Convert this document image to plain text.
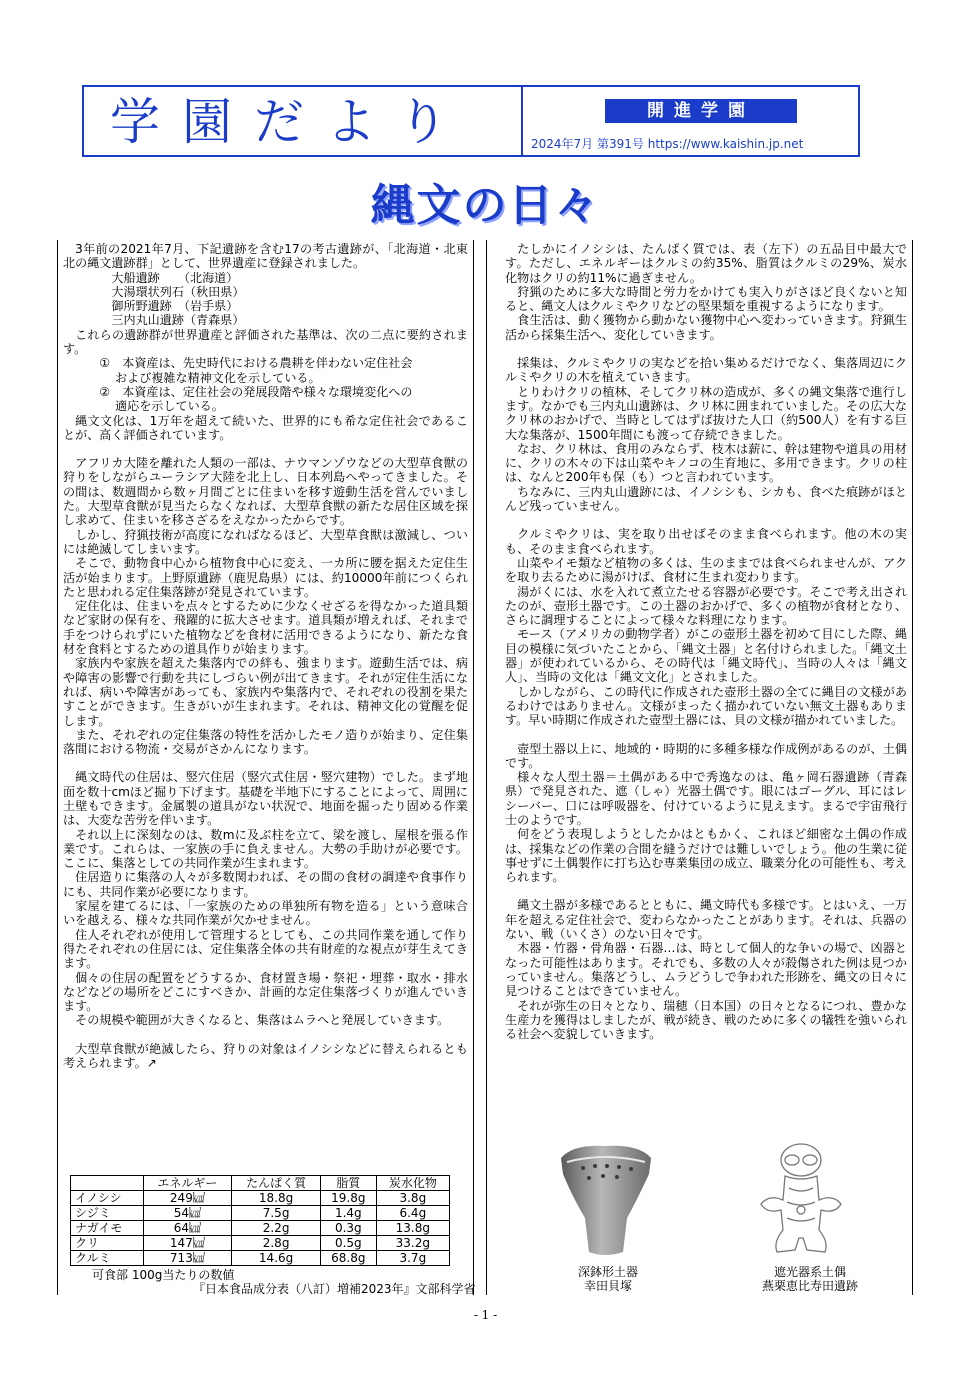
学園だより	開進学園
2024年7月 第391号 https://www.kaishin.jp.net
縄文の日々

3年前の2021年7月、下記遺跡を含む17の考古遺跡が、「北海道・北東北の縄文遺跡群」として、世界遺産に登録されました。

大船遺跡　　（北海道）
大湯環状列石（秋田県）
御所野遺跡　（岩手県）
三内丸山遺跡（青森県）

これらの遺跡群が世界遺産と評価された基準は、次の二点に要約されます。

①　本資産は、先史時代における農耕を伴わない定住社会
および複雑な精神文化を示している。
②　本資産は、定住社会の発展段階や様々な環境変化への
適応を示している。

縄文文化は、1万年を超えて続いた、世界的にも希な定住社会であることが、高く評価されています。

アフリカ大陸を離れた人類の一部は、ナウマンゾウなどの大型草食獣の狩りをしながらユーラシア大陸を北上し、日本列島へやってきました。その間は、数週間から数ヶ月間ごとに住まいを移す遊動生活を営んでいました。大型草食獣が見当たらなくなれば、大型草食獣の新たな居住区域を探し求めて、住まいを移さざるをえなかったからです。

しかし、狩猟技術が高度になればなるほど、大型草食獣は激減し、ついには絶滅してしまいます。

そこで、動物食中心から植物食中心に変え、一カ所に腰を据えた定住生活が始まります。上野原遺跡（鹿児島県）には、約10000年前につくられたと思われる定住集落跡が発見されています。

定住化は、住まいを点々とするために少なくせざるを得なかった道具類など家財の保有を、飛躍的に拡大させます。道具類が増えれば、それまで手をつけられずにいた植物などを食材に活用できるようになり、新たな食材を食料とするための道具作りが始まります。

家族内や家族を超えた集落内での絆も、強まります。遊動生活では、病や障害の影響で行動を共にしづらい例が出てきます。それが定住生活になれば、病いや障害があっても、家族内や集落内で、それぞれの役割を果たすことができます。生きがいが生まれます。それは、精神文化の覚醒を促します。

また、それぞれの定住集落の特性を活かしたモノ造りが始まり、定住集落間における物流・交易がさかんになります。

縄文時代の住居は、竪穴住居（竪穴式住居・竪穴建物）でした。まず地面を数十cmほど掘り下げます。基礎を半地下にすることによって、周囲に土壁もできます。金属製の道具がない状況で、地面を掘ったり固める作業は、大変な苦労を伴います。

それ以上に深刻なのは、数mに及ぶ柱を立て、梁を渡し、屋根を張る作業です。これらは、一家族の手に負えません。大勢の手助けが必要です。ここに、集落としての共同作業が生まれます。

住居造りに集落の人々が多数関われば、その間の食材の調達や食事作りにも、共同作業が必要になります。

家屋を建てるには、「一家族のための単独所有物を造る」という意味合いを越える、様々な共同作業が欠かせません。

住人それぞれが使用して管理するとしても、この共同作業を通して作り得たそれぞれの住居には、定住集落全体の共有財産的な視点が芽生えてきます。

個々の住居の配置をどうするか、食材置き場・祭祀・埋葬・取水・排水などなどの場所をどこにすべきか、計画的な定住集落づくりが進んでいきます。

その規模や範囲が大きくなると、集落はムラへと発展していきます。

大型草食獣が絶滅したら、狩りの対象はイノシシなどに替えられるとも考えられます。↗

	エネルギー	たんぱく質	脂質	炭水化物
イノシシ	249㎉	18.8g	19.8g	3.8g
シジミ	54㎉	7.5g	1.4g	6.4g
ナガイモ	64㎉	2.2g	0.3g	13.8g
クリ	147㎉	2.8g	0.5g	33.2g
クルミ	713㎉	14.6g	68.8g	3.7g
可食部 100g当たりの数値
『日本食品成分表（八訂）増補2023年』文部科学省

たしかにイノシシは、たんぱく質では、表（左下）の五品目中最大です。ただし、エネルギーはクルミの約35%、脂質はクルミの29%、炭水化物はクリの約11%に過ぎません。

狩猟のために多大な時間と労力をかけても実入りがさほど良くないと知ると、縄文人はクルミやクリなどの堅果類を重視するようになります。

食生活は、動く獲物から動かない獲物中心へ変わっていきます。狩猟生活から採集生活へ、変化していきます。

採集は、クルミやクリの実などを拾い集めるだけでなく、集落周辺にクルミやクリの木を植えていきます。

とりわけクリの植林、そしてクリ林の造成が、多くの縄文集落で進行します。なかでも三内丸山遺跡は、クリ林に囲まれていました。その広大なクリ林のおかげで、当時としてはずば抜けた人口（約500人）を有する巨大な集落が、1500年間にも渡って存続できました。

なお、クリ林は、食用のみならず、枝木は薪に、幹は建物や道具の用材に、クリの木々の下は山菜やキノコの生育地に、多用できます。クリの柱は、なんと200年も保（も）つと言われています。

ちなみに、三内丸山遺跡には、イノシシも、シカも、食べた痕跡がほとんど残っていません。

クルミやクリは、実を取り出せばそのまま食べられます。他の木の実も、そのまま食べられます。

山菜やイモ類など植物の多くは、生のままでは食べられませんが、アクを取り去るために湯がけば、食材に生まれ変わります。

湯がくには、水を入れて煮立たせる容器が必要です。そこで考え出されたのが、壺形土器です。この土器のおかげで、多くの植物が食材となり、さらに調理することによって様々な料理になります。

モース（アメリカの動物学者）がこの壺形土器を初めて目にした際、縄目の模様に気づいたことから、「縄文土器」と名付けられました。「縄文土器」が使われているから、その時代は「縄文時代」、当時の人々は「縄文人」、当時の文化は「縄文文化」とされました。

しかしながら、この時代に作成された壺形土器の全てに縄目の文様があるわけではありません。文様がまったく描かれていない無文土器もあります。早い時期に作成された壺型土器には、貝の文様が描かれていました。

壺型土器以上に、地域的・時期的に多種多様な作成例があるのが、土偶です。

様々な人型土器＝土偶がある中で秀逸なのは、亀ヶ岡石器遺跡（青森県）で発見された、遮（しゃ）光器土偶です。眼にはゴーグル、耳にはレシーバー、口には呼吸器を、付けているように見えます。まるで宇宙飛行士のようです。

何をどう表現しようとしたかはともかく、これほど細密な土偶の作成は、採集などの作業の合間を縫うだけでは難しいでしょう。他の生業に従事せずに土偶製作に打ち込む専業集団の成立、職業分化の可能性も、考えられます。

縄文土器が多様であるとともに、縄文時代も多様です。とはいえ、一万年を超える定住社会で、変わらなかったことがあります。それは、兵器のない、戦（いくさ）のない日々です。

木器・竹器・骨角器・石器…は、時として個人的な争いの場で、凶器となった可能性はあります。それでも、多数の人々が殺傷された例は見つかっていません。集落どうし、ムラどうしで争われた形跡を、縄文の日々に見つけることはできていません。

それが弥生の日々となり、瑞穂（日本国）の日々となるにつれ、豊かな生産力を獲得はしましたが、戦が続き、戦のために多くの犠牲を強いられる社会へ変貌していきます。

深鉢形土器
幸田貝塚
遮光器系土偶
燕栗恵比寿田遺跡
- 1 -
